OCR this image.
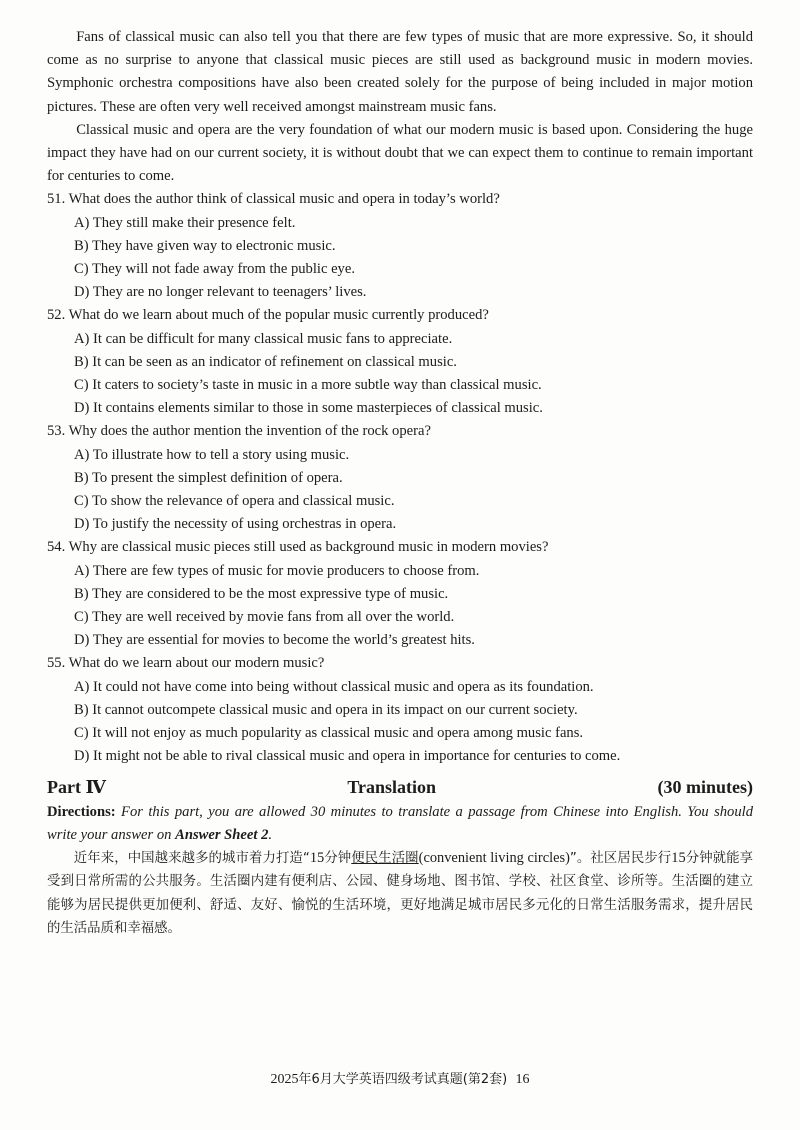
Fans of classical music can also tell you that there are few types of music that are more expressive. So, it should come as no surprise to anyone that classical music pieces are still used as background music in modern movies. Symphonic orchestra compositions have also been created solely for the purpose of being included in major motion pictures. These are often very well received amongst mainstream music fans.

Classical music and opera are the very foundation of what our modern music is based upon. Considering the huge impact they have had on our current society, it is without doubt that we can expect them to continue to remain important for centuries to come.

51. What does the author think of classical music and opera in today’s world?

A) They still make their presence felt.

B) They have given way to electronic music.

C) They will not fade away from the public eye.

D) They are no longer relevant to teenagers’ lives.

52. What do we learn about much of the popular music currently produced?

A) It can be difficult for many classical music fans to appreciate.

B) It can be seen as an indicator of refinement on classical music.

C) It caters to society’s taste in music in a more subtle way than classical music.

D) It contains elements similar to those in some masterpieces of classical music.

53. Why does the author mention the invention of the rock opera?

A) To illustrate how to tell a story using music.

B) To present the simplest definition of opera.

C) To show the relevance of opera and classical music.

D) To justify the necessity of using orchestras in opera.

54. Why are classical music pieces still used as background music in modern movies?

A) There are few types of music for movie producers to choose from.

B) They are considered to be the most expressive type of music.

C) They are well received by movie fans from all over the world.

D) They are essential for movies to become the world’s greatest hits.

55. What do we learn about our modern music?

A) It could not have come into being without classical music and opera as its foundation.

B) It cannot outcompete classical music and opera in its impact on our current society.

C) It will not enjoy as much popularity as classical music and opera among music fans.

D) It might not be able to rival classical music and opera in importance for centuries to come.

Part Ⅳ	Translation	(30 minutes)

Directions: For this part, you are allowed 30 minutes to translate a passage from Chinese into English. You should write your answer on Answer Sheet 2.

近年来，中国越来越多的城市着力打造“15分钟便民生活圈(convenient living circles)”。社区居民步行15分钟就能享受到日常所需的公共服务。生活圈内建有便利店、公园、健身场地、图书馆、学校、社区食堂、诊所等。生活圈的建立能够为居民提供更加便利、舒适、友好、愉悦的生活环境，更好地满足城市居民多元化的日常生活服务需求，提升居民的生活品质和幸福感。

2025年6月大学英语四级考试真题(第2套) 16
